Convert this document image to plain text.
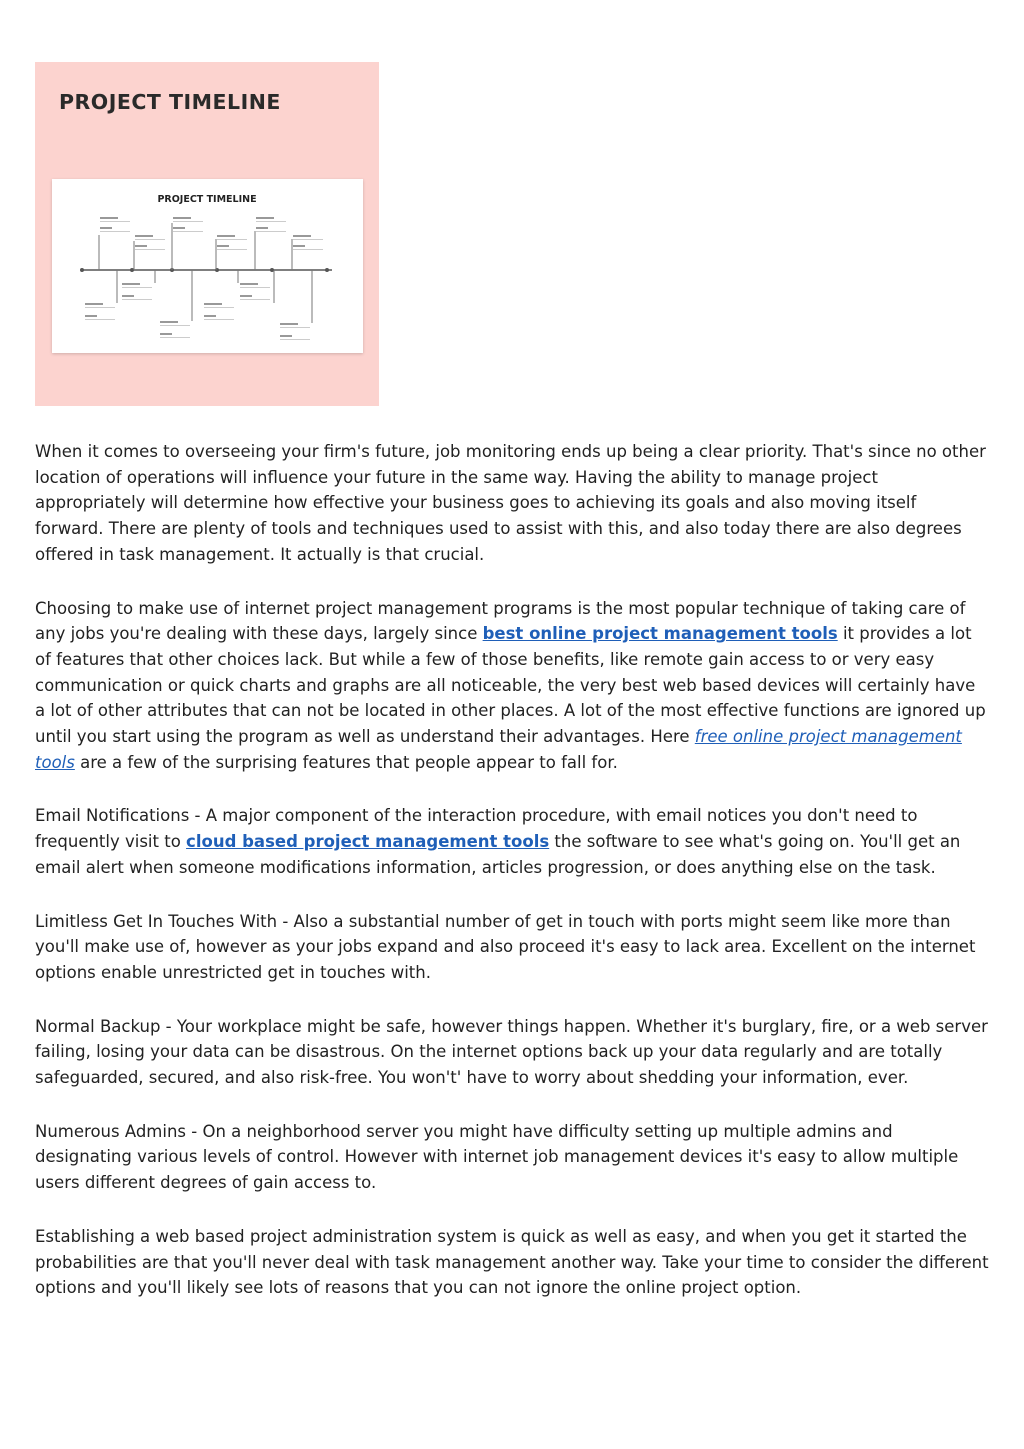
PROJECT TIMELINE
PROJECT TIMELINE

When it comes to overseeing your firm's future, job monitoring ends up being a clear priority. That's since no other location of operations will influence your future in the same way. Having the ability to manage project appropriately will determine how effective your business goes to achieving its goals and also moving itself forward. There are plenty of tools and techniques used to assist with this, and also today there are also degrees offered in task management. It actually is that crucial.

Choosing to make use of internet project management programs is the most popular technique of taking care of any jobs you're dealing with these days, largely since best online project management tools it provides a lot of features that other choices lack. But while a few of those benefits, like remote gain access to or very easy communication or quick charts and graphs are all noticeable, the very best web based devices will certainly have a lot of other attributes that can not be located in other places. A lot of the most effective functions are ignored up until you start using the program as well as understand their advantages. Here free online project management tools are a few of the surprising features that people appear to fall for.

Email Notifications - A major component of the interaction procedure, with email notices you don't need to frequently visit to cloud based project management tools the software to see what's going on. You'll get an email alert when someone modifications information, articles progression, or does anything else on the task.

Limitless Get In Touches With - Also a substantial number of get in touch with ports might seem like more than you'll make use of, however as your jobs expand and also proceed it's easy to lack area. Excellent on the internet options enable unrestricted get in touches with.

Normal Backup - Your workplace might be safe, however things happen. Whether it's burglary, fire, or a web server failing, losing your data can be disastrous. On the internet options back up your data regularly and are totally safeguarded, secured, and also risk-free. You won't' have to worry about shedding your information, ever.

Numerous Admins - On a neighborhood server you might have difficulty setting up multiple admins and designating various levels of control. However with internet job management devices it's easy to allow multiple users different degrees of gain access to.

Establishing a web based project administration system is quick as well as easy, and when you get it started the probabilities are that you'll never deal with task management another way. Take your time to consider the different options and you'll likely see lots of reasons that you can not ignore the online project option.
